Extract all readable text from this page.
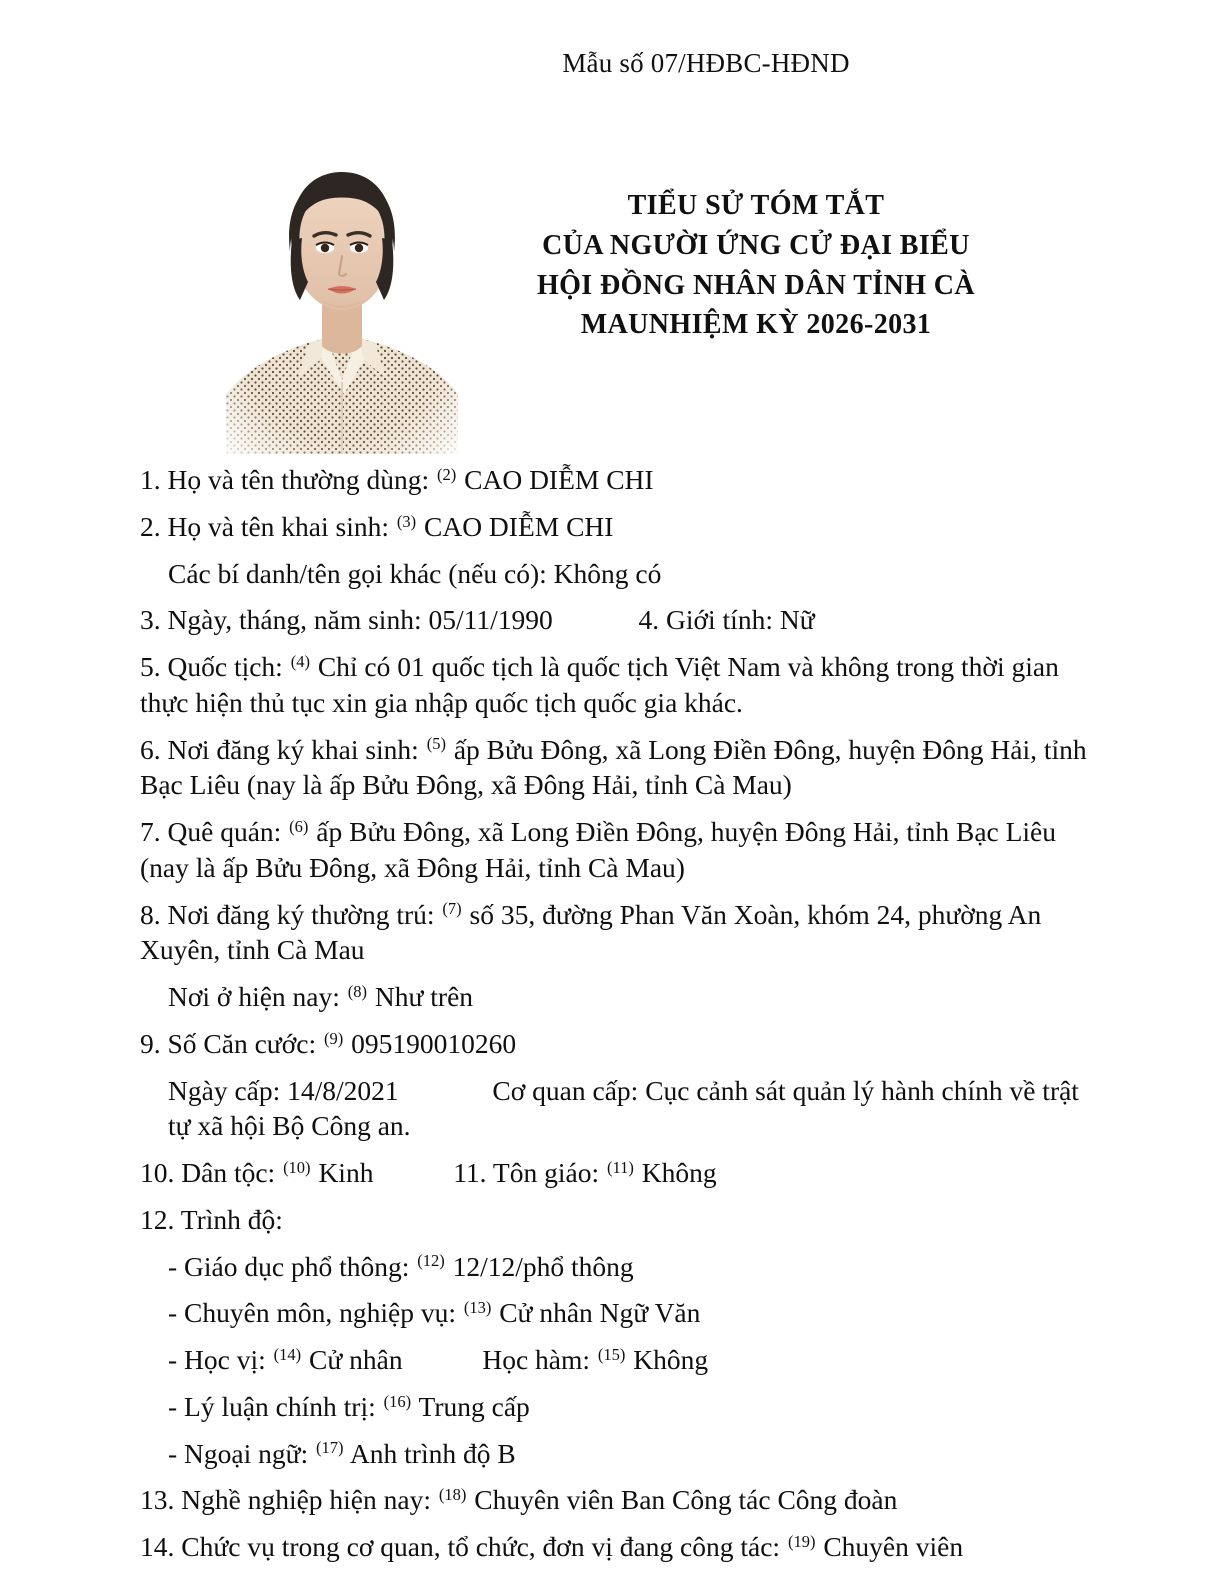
Mẫu số 07/HĐBC-HĐND
TIỂU SỬ TÓM TẮT
CỦA NGƯỜI ỨNG CỬ ĐẠI BIỂU
HỘI ĐỒNG NHÂN DÂN TỈNH CÀ
MAUNHIỆM KỲ 2026-2031

1. Họ và tên thường dùng: $^{(2)}$ CAO DIỄM CHI

2. Họ và tên khai sinh: $^{(3)}$ CAO DIỄM CHI

Các bí danh/tên gọi khác (nếu có): Không có

3. Ngày, tháng, năm sinh: 05/11/1990	4. Giới tính: Nữ

5. Quốc tịch: $^{(4)}$ Chỉ có 01 quốc tịch là quốc tịch Việt Nam và không trong thời gian thực hiện thủ tục xin gia nhập quốc tịch quốc gia khác.

6. Nơi đăng ký khai sinh: $^{(5)}$ ấp Bửu Đông, xã Long Điền Đông, huyện Đông Hải, tỉnh Bạc Liêu (nay là ấp Bửu Đông, xã Đông Hải, tỉnh Cà Mau)

7. Quê quán: $^{(6)}$ ấp Bửu Đông, xã Long Điền Đông, huyện Đông Hải, tỉnh Bạc Liêu (nay là ấp Bửu Đông, xã Đông Hải, tỉnh Cà Mau)

8. Nơi đăng ký thường trú: $^{(7)}$ số 35, đường Phan Văn Xoàn, khóm 24, phường An Xuyên, tỉnh Cà Mau

Nơi ở hiện nay: $^{(8)}$ Như trên

9. Số Căn cước: $^{(9)}$ 095190010260

Ngày cấp: 14/8/2021	Cơ quan cấp: Cục cảnh sát quản lý hành chính về trật tự xã hội Bộ Công an.

10. Dân tộc: $^{(10)}$ Kinh	11. Tôn giáo: $^{(11)}$ Không

12. Trình độ:

- Giáo dục phổ thông: $^{(12)}$ 12/12/phổ thông

- Chuyên môn, nghiệp vụ: $^{(13)}$ Cử nhân Ngữ Văn

- Học vị: $^{(14)}$ Cử nhân	Học hàm: $^{(15)}$ Không

- Lý luận chính trị: $^{(16)}$ Trung cấp

- Ngoại ngữ: $^{(17)}$ Anh trình độ B

13. Nghề nghiệp hiện nay: $^{(18)}$ Chuyên viên Ban Công tác Công đoàn

14. Chức vụ trong cơ quan, tổ chức, đơn vị đang công tác: $^{(19)}$ Chuyên viên
